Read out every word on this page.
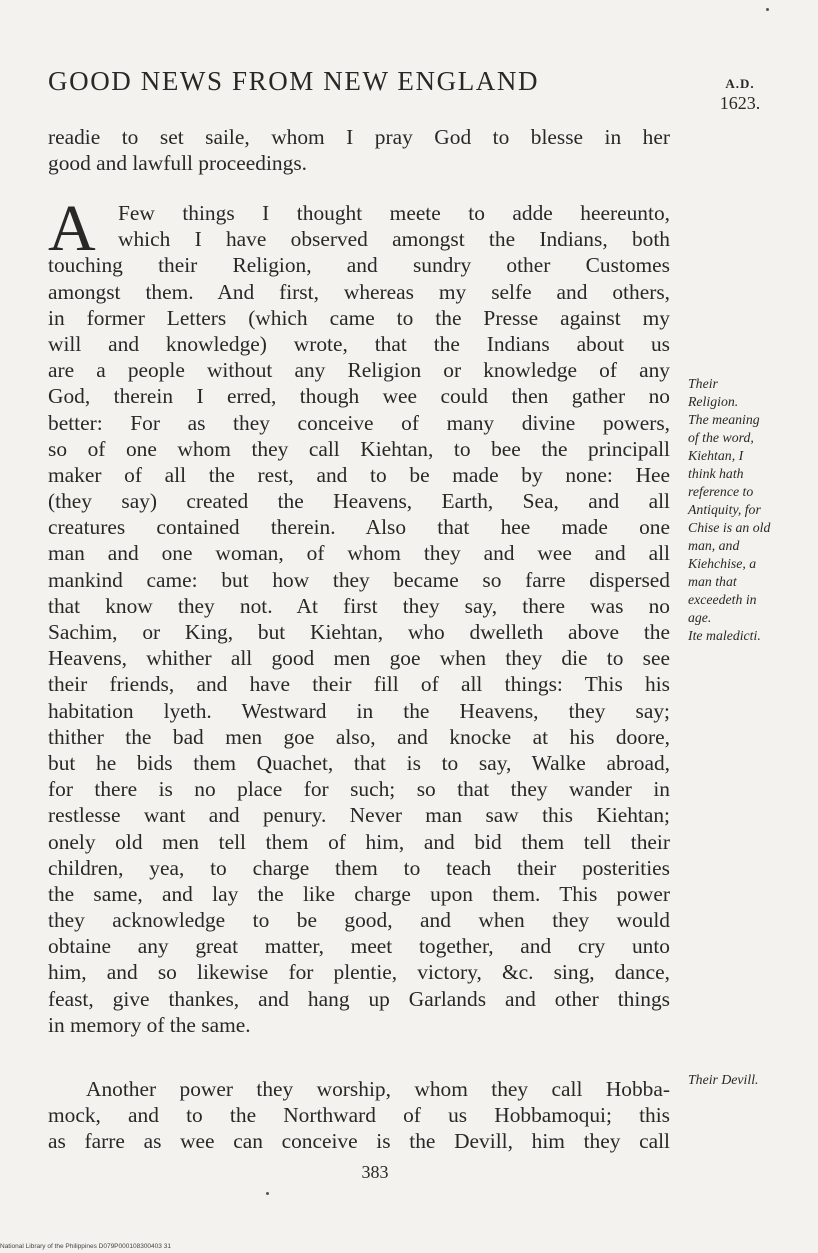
GOOD NEWS FROM NEW ENGLAND	A.D.
1623.
readie to set saile, whom I pray God to blesse in her
good and lawfull proceedings.
A	Few things I thought meete to adde heereunto,
which I have observed amongst the Indians, both
touching their Religion, and sundry other Customes
amongst them. And first, whereas my selfe and others,
in former Letters (which came to the Presse against my
will and knowledge) wrote, that the Indians about us
are a people without any Religion or knowledge of any
God, therein I erred, though wee could then gather no
better: For as they conceive of many divine powers,
so of one whom they call Kiehtan, to bee the principall
maker of all the rest, and to be made by none: Hee
(they say) created the Heavens, Earth, Sea, and all
creatures contained therein. Also that hee made one
man and one woman, of whom they and wee and all
mankind came: but how they became so farre dispersed
that know they not. At first they say, there was no
Sachim, or King, but Kiehtan, who dwelleth above the
Heavens, whither all good men goe when they die to see
their friends, and have their fill of all things: This his
habitation lyeth. Westward in the Heavens, they say;
thither the bad men goe also, and knocke at his doore,
but he bids them Quachet, that is to say, Walke abroad,
for there is no place for such; so that they wander in
restlesse want and penury. Never man saw this Kiehtan;
onely old men tell them of him, and bid them tell their
children, yea, to charge them to teach their posterities
the same, and lay the like charge upon them. This power
they acknowledge to be good, and when they would
obtaine any great matter, meet together, and cry unto
him, and so likewise for plentie, victory, &c. sing, dance,
feast, give thankes, and hang up Garlands and other things
in memory of the same.
Another power they worship, whom they call Hobba-
mock, and to the Northward of us Hobbamoqui; this
as farre as wee can conceive is the Devill, him they call
Their
Religion.
The meaning
of the word,
Kiehtan, I
think hath
reference to
Antiquity, for
Chise is an old
man, and
Kiehchise, a
man that
exceedeth in
age.
Ite maledicti.
Their Devill.
383
National Library of the Philippines D079P000108300403 31
